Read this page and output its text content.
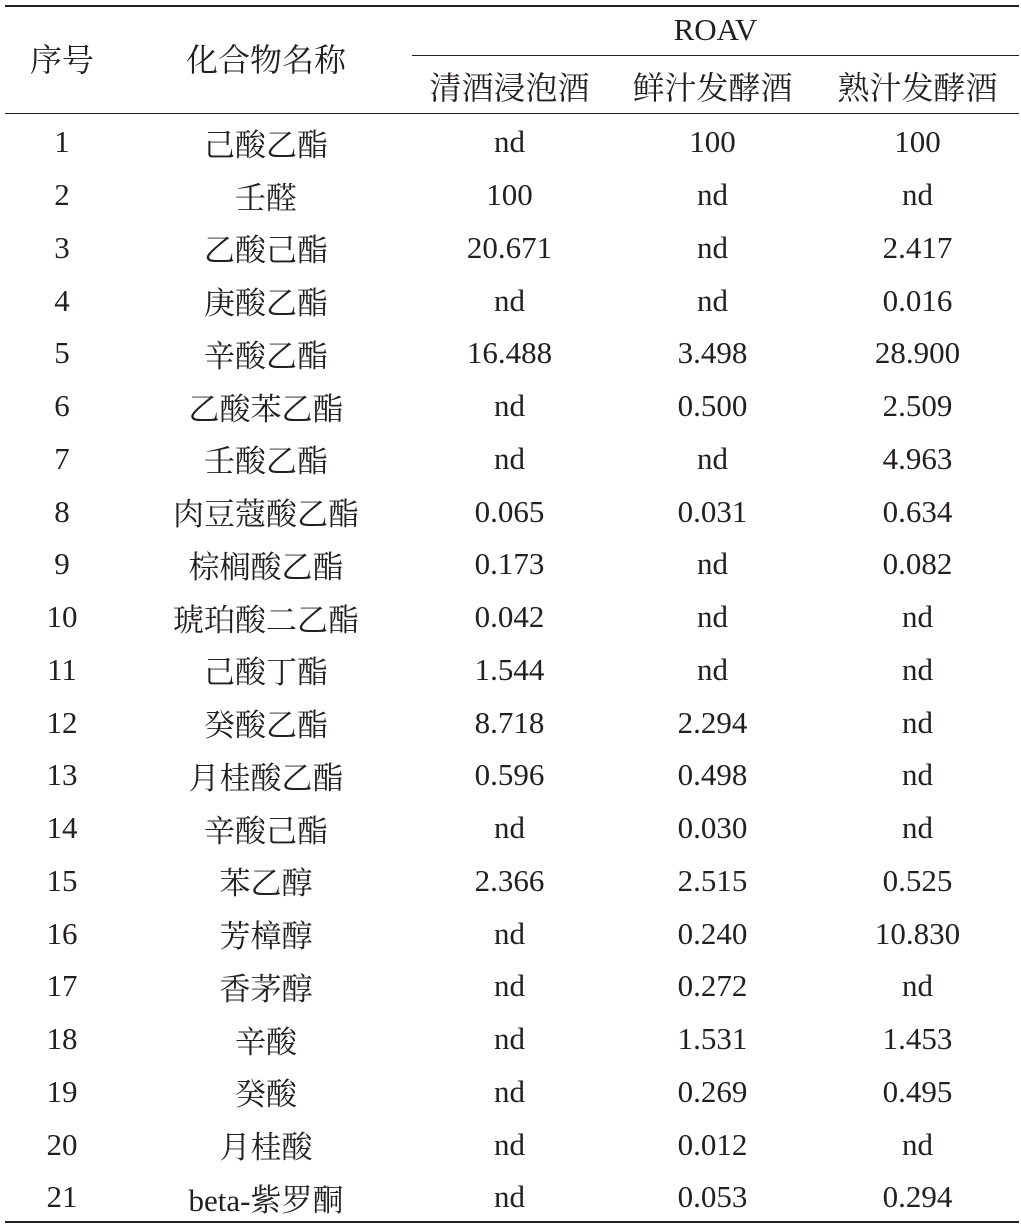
序号	化合物名称
ROAV
清酒浸泡酒	鲜汁发酵酒	熟汁发酵酒
1	己酸乙酯	nd	100	100
2	壬醛	100	nd	nd
3	乙酸己酯	20.671	nd	2.417
4	庚酸乙酯	nd	nd	0.016
5	辛酸乙酯	16.488	3.498	28.900
6	乙酸苯乙酯	nd	0.500	2.509
7	壬酸乙酯	nd	nd	4.963
8	肉豆蔻酸乙酯	0.065	0.031	0.634
9	棕榈酸乙酯	0.173	nd	0.082
10	琥珀酸二乙酯	0.042	nd	nd
11	己酸丁酯	1.544	nd	nd
12	癸酸乙酯	8.718	2.294	nd
13	月桂酸乙酯	0.596	0.498	nd
14	辛酸己酯	nd	0.030	nd
15	苯乙醇	2.366	2.515	0.525
16	芳樟醇	nd	0.240	10.830
17	香茅醇	nd	0.272	nd
18	辛酸	nd	1.531	1.453
19	癸酸	nd	0.269	0.495
20	月桂酸	nd	0.012	nd
21	beta-紫罗酮	nd	0.053	0.294
